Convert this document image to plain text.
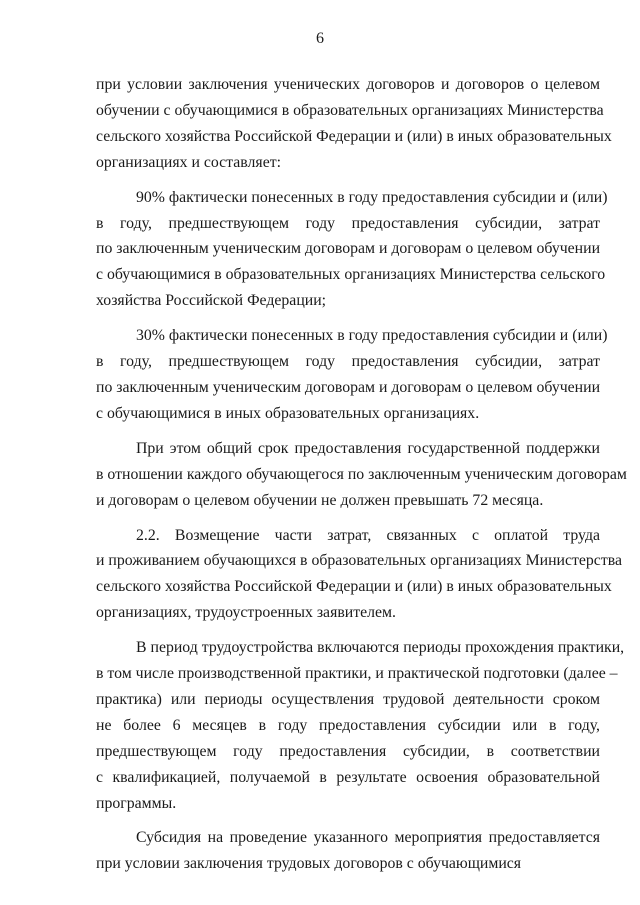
6

при условии заключения ученических договоров и договоров о целевом
обучении с обучающимися в образовательных организациях Министерства
сельского хозяйства Российской Федерации и (или) в иных образовательных
организациях и составляет:

90% фактически понесенных в году предоставления субсидии и (или)
в году, предшествующем году предоставления субсидии, затрат
по заключенным ученическим договорам и договорам о целевом обучении
с обучающимися в образовательных организациях Министерства сельского
хозяйства Российской Федерации;

30% фактически понесенных в году предоставления субсидии и (или)
в году, предшествующем году предоставления субсидии, затрат
по заключенным ученическим договорам и договорам о целевом обучении
с обучающимися в иных образовательных организациях.

При этом общий срок предоставления государственной поддержки
в отношении каждого обучающегося по заключенным ученическим договорам
и договорам о целевом обучении не должен превышать 72 месяца.

2.2. Возмещение части затрат, связанных с оплатой труда
и проживанием обучающихся в образовательных организациях Министерства
сельского хозяйства Российской Федерации и (или) в иных образовательных
организациях, трудоустроенных заявителем.

В период трудоустройства включаются периоды прохождения практики,
в том числе производственной практики, и практической подготовки (далее –
практика) или периоды осуществления трудовой деятельности сроком
не более 6 месяцев в году предоставления субсидии или в году,
предшествующем году предоставления субсидии, в соответствии
с квалификацией, получаемой в результате освоения образовательной
программы.

Субсидия на проведение указанного мероприятия предоставляется
при условии заключения трудовых договоров с обучающимися
